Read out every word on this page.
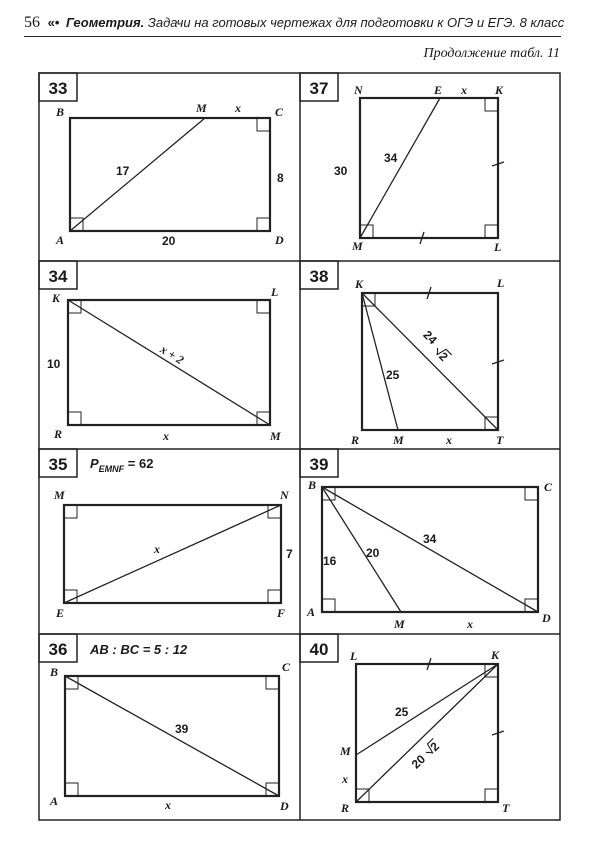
56 «• Геометрия. Задачи на готовых чертежах для подготовки к ОГЭ и ЕГЭ. 8 класс
Продолжение табл. 11
33	37
34	38
35	39
36	40
B	M x	C
A	D
17
20
8
N	E x K
M	L
30
34
K	L
R	M
10
x
x + 2
K	L
R	M	x	T
25
24
2
$P_{EMNF}$ $^{= 62}$
M	N
E	F
x	7
B	C
A
M	x	D
16
20
34
AB : BC = 5 : 12
B	C
A	D
39
x
L	K
M
x
R	T
25
20
2
